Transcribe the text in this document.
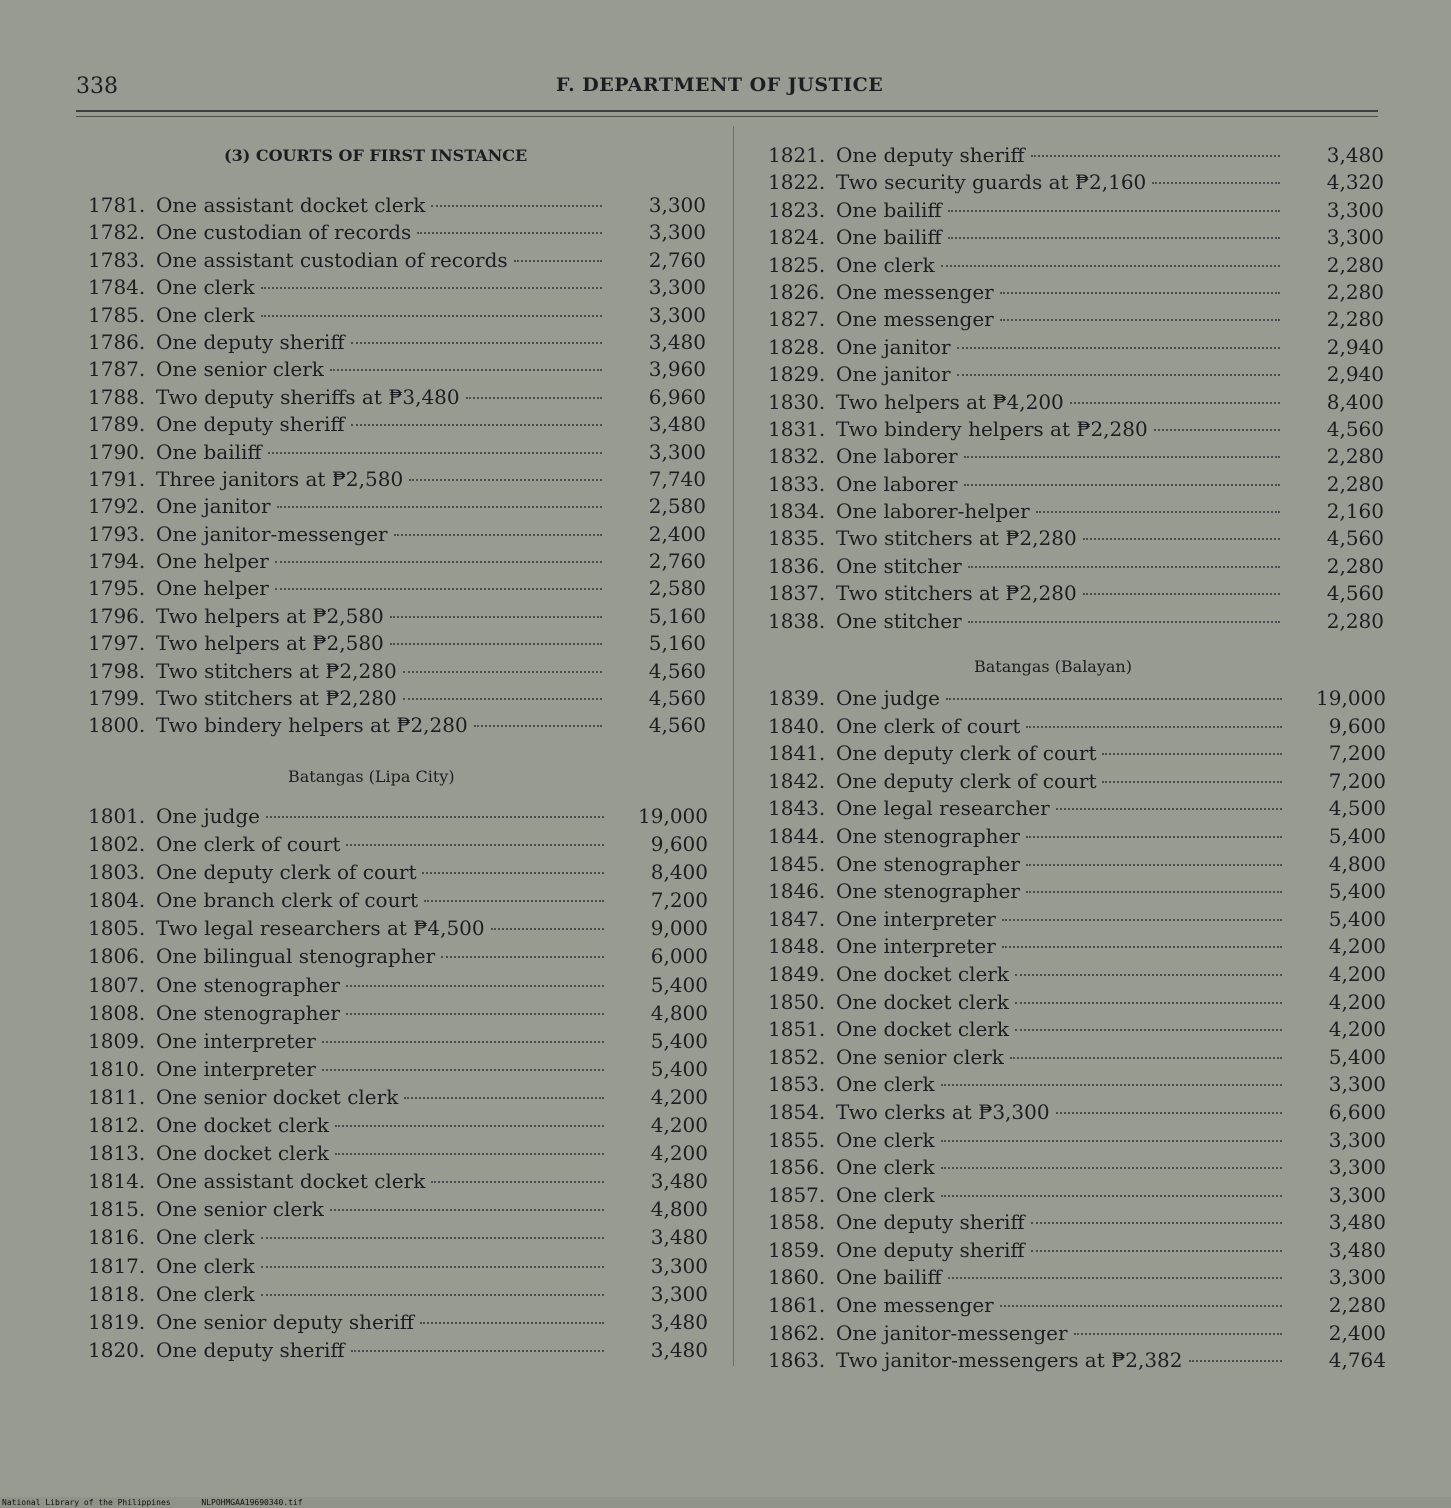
338	F. DEPARTMENT OF JUSTICE
(3) COURTS OF FIRST INSTANCE
1781. One assistant docket clerk	3,300
1782. One custodian of records	3,300
1783. One assistant custodian of records	2,760
1784. One clerk	3,300
1785. One clerk	3,300
1786. One deputy sheriff	3,480
1787. One senior clerk	3,960
1788. Two deputy sheriffs at ₱3,480	6,960
1789. One deputy sheriff	3,480
1790. One bailiff	3,300
1791. Three janitors at ₱2,580	7,740
1792. One janitor	2,580
1793. One janitor-messenger	2,400
1794. One helper	2,760
1795. One helper	2,580
1796. Two helpers at ₱2,580	5,160
1797. Two helpers at ₱2,580	5,160
1798. Two stitchers at ₱2,280	4,560
1799. Two stitchers at ₱2,280	4,560
1800. Two bindery helpers at ₱2,280	4,560
Batangas (Lipa City)
1801. One judge	19,000
1802. One clerk of court	9,600
1803. One deputy clerk of court	8,400
1804. One branch clerk of court	7,200
1805. Two legal researchers at ₱4,500	9,000
1806. One bilingual stenographer	6,000
1807. One stenographer	5,400
1808. One stenographer	4,800
1809. One interpreter	5,400
1810. One interpreter	5,400
1811. One senior docket clerk	4,200
1812. One docket clerk	4,200
1813. One docket clerk	4,200
1814. One assistant docket clerk	3,480
1815. One senior clerk	4,800
1816. One clerk	3,480
1817. One clerk	3,300
1818. One clerk	3,300
1819. One senior deputy sheriff	3,480
1820. One deputy sheriff	3,480
1821. One deputy sheriff	3,480
1822. Two security guards at ₱2,160	4,320
1823. One bailiff	3,300
1824. One bailiff	3,300
1825. One clerk	2,280
1826. One messenger	2,280
1827. One messenger	2,280
1828. One janitor	2,940
1829. One janitor	2,940
1830. Two helpers at ₱4,200	8,400
1831. Two bindery helpers at ₱2,280	4,560
1832. One laborer	2,280
1833. One laborer	2,280
1834. One laborer-helper	2,160
1835. Two stitchers at ₱2,280	4,560
1836. One stitcher	2,280
1837. Two stitchers at ₱2,280	4,560
1838. One stitcher	2,280
Batangas (Balayan)
1839. One judge	19,000
1840. One clerk of court	9,600
1841. One deputy clerk of court	7,200
1842. One deputy clerk of court	7,200
1843. One legal researcher	4,500
1844. One stenographer	5,400
1845. One stenographer	4,800
1846. One stenographer	5,400
1847. One interpreter	5,400
1848. One interpreter	4,200
1849. One docket clerk	4,200
1850. One docket clerk	4,200
1851. One docket clerk	4,200
1852. One senior clerk	5,400
1853. One clerk	3,300
1854. Two clerks at ₱3,300	6,600
1855. One clerk	3,300
1856. One clerk	3,300
1857. One clerk	3,300
1858. One deputy sheriff	3,480
1859. One deputy sheriff	3,480
1860. One bailiff	3,300
1861. One messenger	2,280
1862. One janitor-messenger	2,400
1863. Two janitor-messengers at ₱2,382	4,764
National Library of the Philippines	NLPOHMGAA19690340.tif
